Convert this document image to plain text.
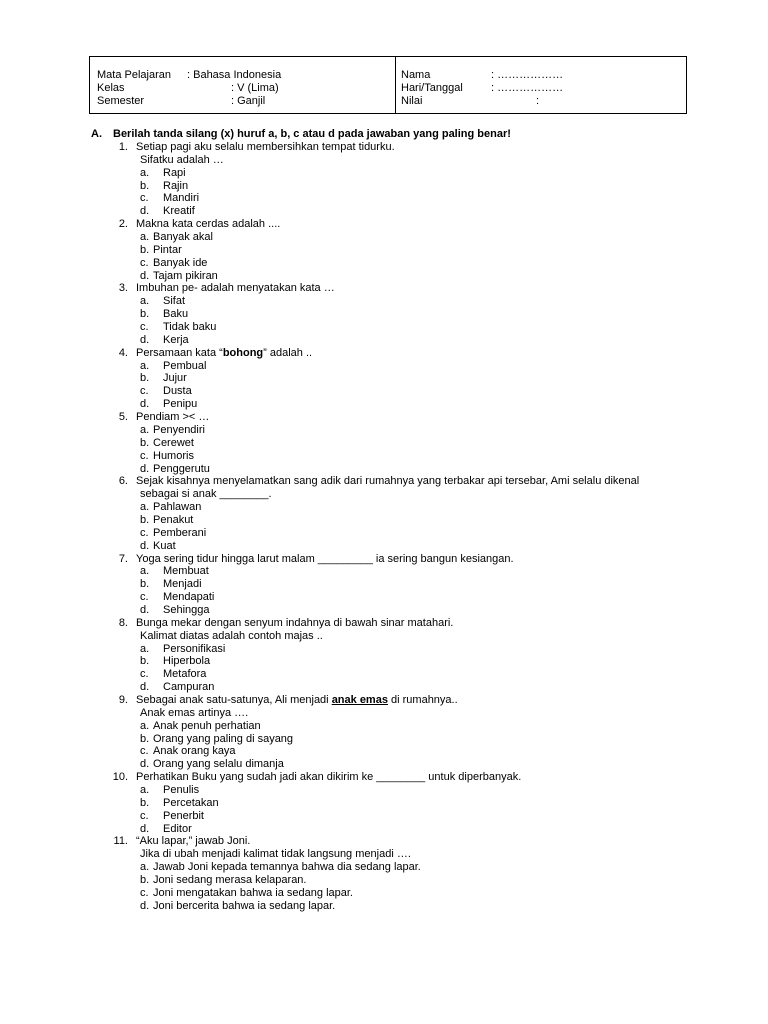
Mata Pelajaran : Bahasa Indonesia
Kelas	: V (Lima)
Semester	: Ganjil
Nama	: ………………
Hari/Tanggal	: ………………
Nilai	:
A. Berilah tanda silang (x) huruf a, b, c atau d pada jawaban yang paling benar!
1. Setiap pagi aku selalu membersihkan tempat tidurku.
Sifatku adalah …
a. Rapi
b. Rajin
c. Mandiri
d. Kreatif
2. Makna kata cerdas adalah ....
a. Banyak akal
b. Pintar
c. Banyak ide
d. Tajam pikiran
3. Imbuhan pe- adalah menyatakan kata …
a. Sifat
b. Baku
c. Tidak baku
d. Kerja
4. Persamaan kata “bohong” adalah ..
a. Pembual
b. Jujur
c. Dusta
d. Penipu
5. Pendiam >< …
a. Penyendiri
b. Cerewet
c. Humoris
d. Penggerutu
6. Sejak kisahnya menyelamatkan sang adik dari rumahnya yang terbakar api tersebar, Ami selalu dikenal
sebagai si anak ________.
a. Pahlawan
b. Penakut
c. Pemberani
d. Kuat
7. Yoga sering tidur hingga larut malam _________ ia sering bangun kesiangan.
a. Membuat
b. Menjadi
c. Mendapati
d. Sehingga
8. Bunga mekar dengan senyum indahnya di bawah sinar matahari.
Kalimat diatas adalah contoh majas ..
a. Personifikasi
b. Hiperbola
c. Metafora
d. Campuran
9. Sebagai anak satu-satunya, Ali menjadi anak emas di rumahnya..
Anak emas artinya ….
a. Anak penuh perhatian
b. Orang yang paling di sayang
c. Anak orang kaya
d. Orang yang selalu dimanja
10. Perhatikan Buku yang sudah jadi akan dikirim ke ________ untuk diperbanyak.
a. Penulis
b. Percetakan
c. Penerbit
d. Editor
11. “Aku lapar,” jawab Joni.
Jika di ubah menjadi kalimat tidak langsung menjadi ….
a. Jawab Joni kepada temannya bahwa dia sedang lapar.
b. Joni sedang merasa kelaparan.
c. Joni mengatakan bahwa ia sedang lapar.
d. Joni bercerita bahwa ia sedang lapar.
